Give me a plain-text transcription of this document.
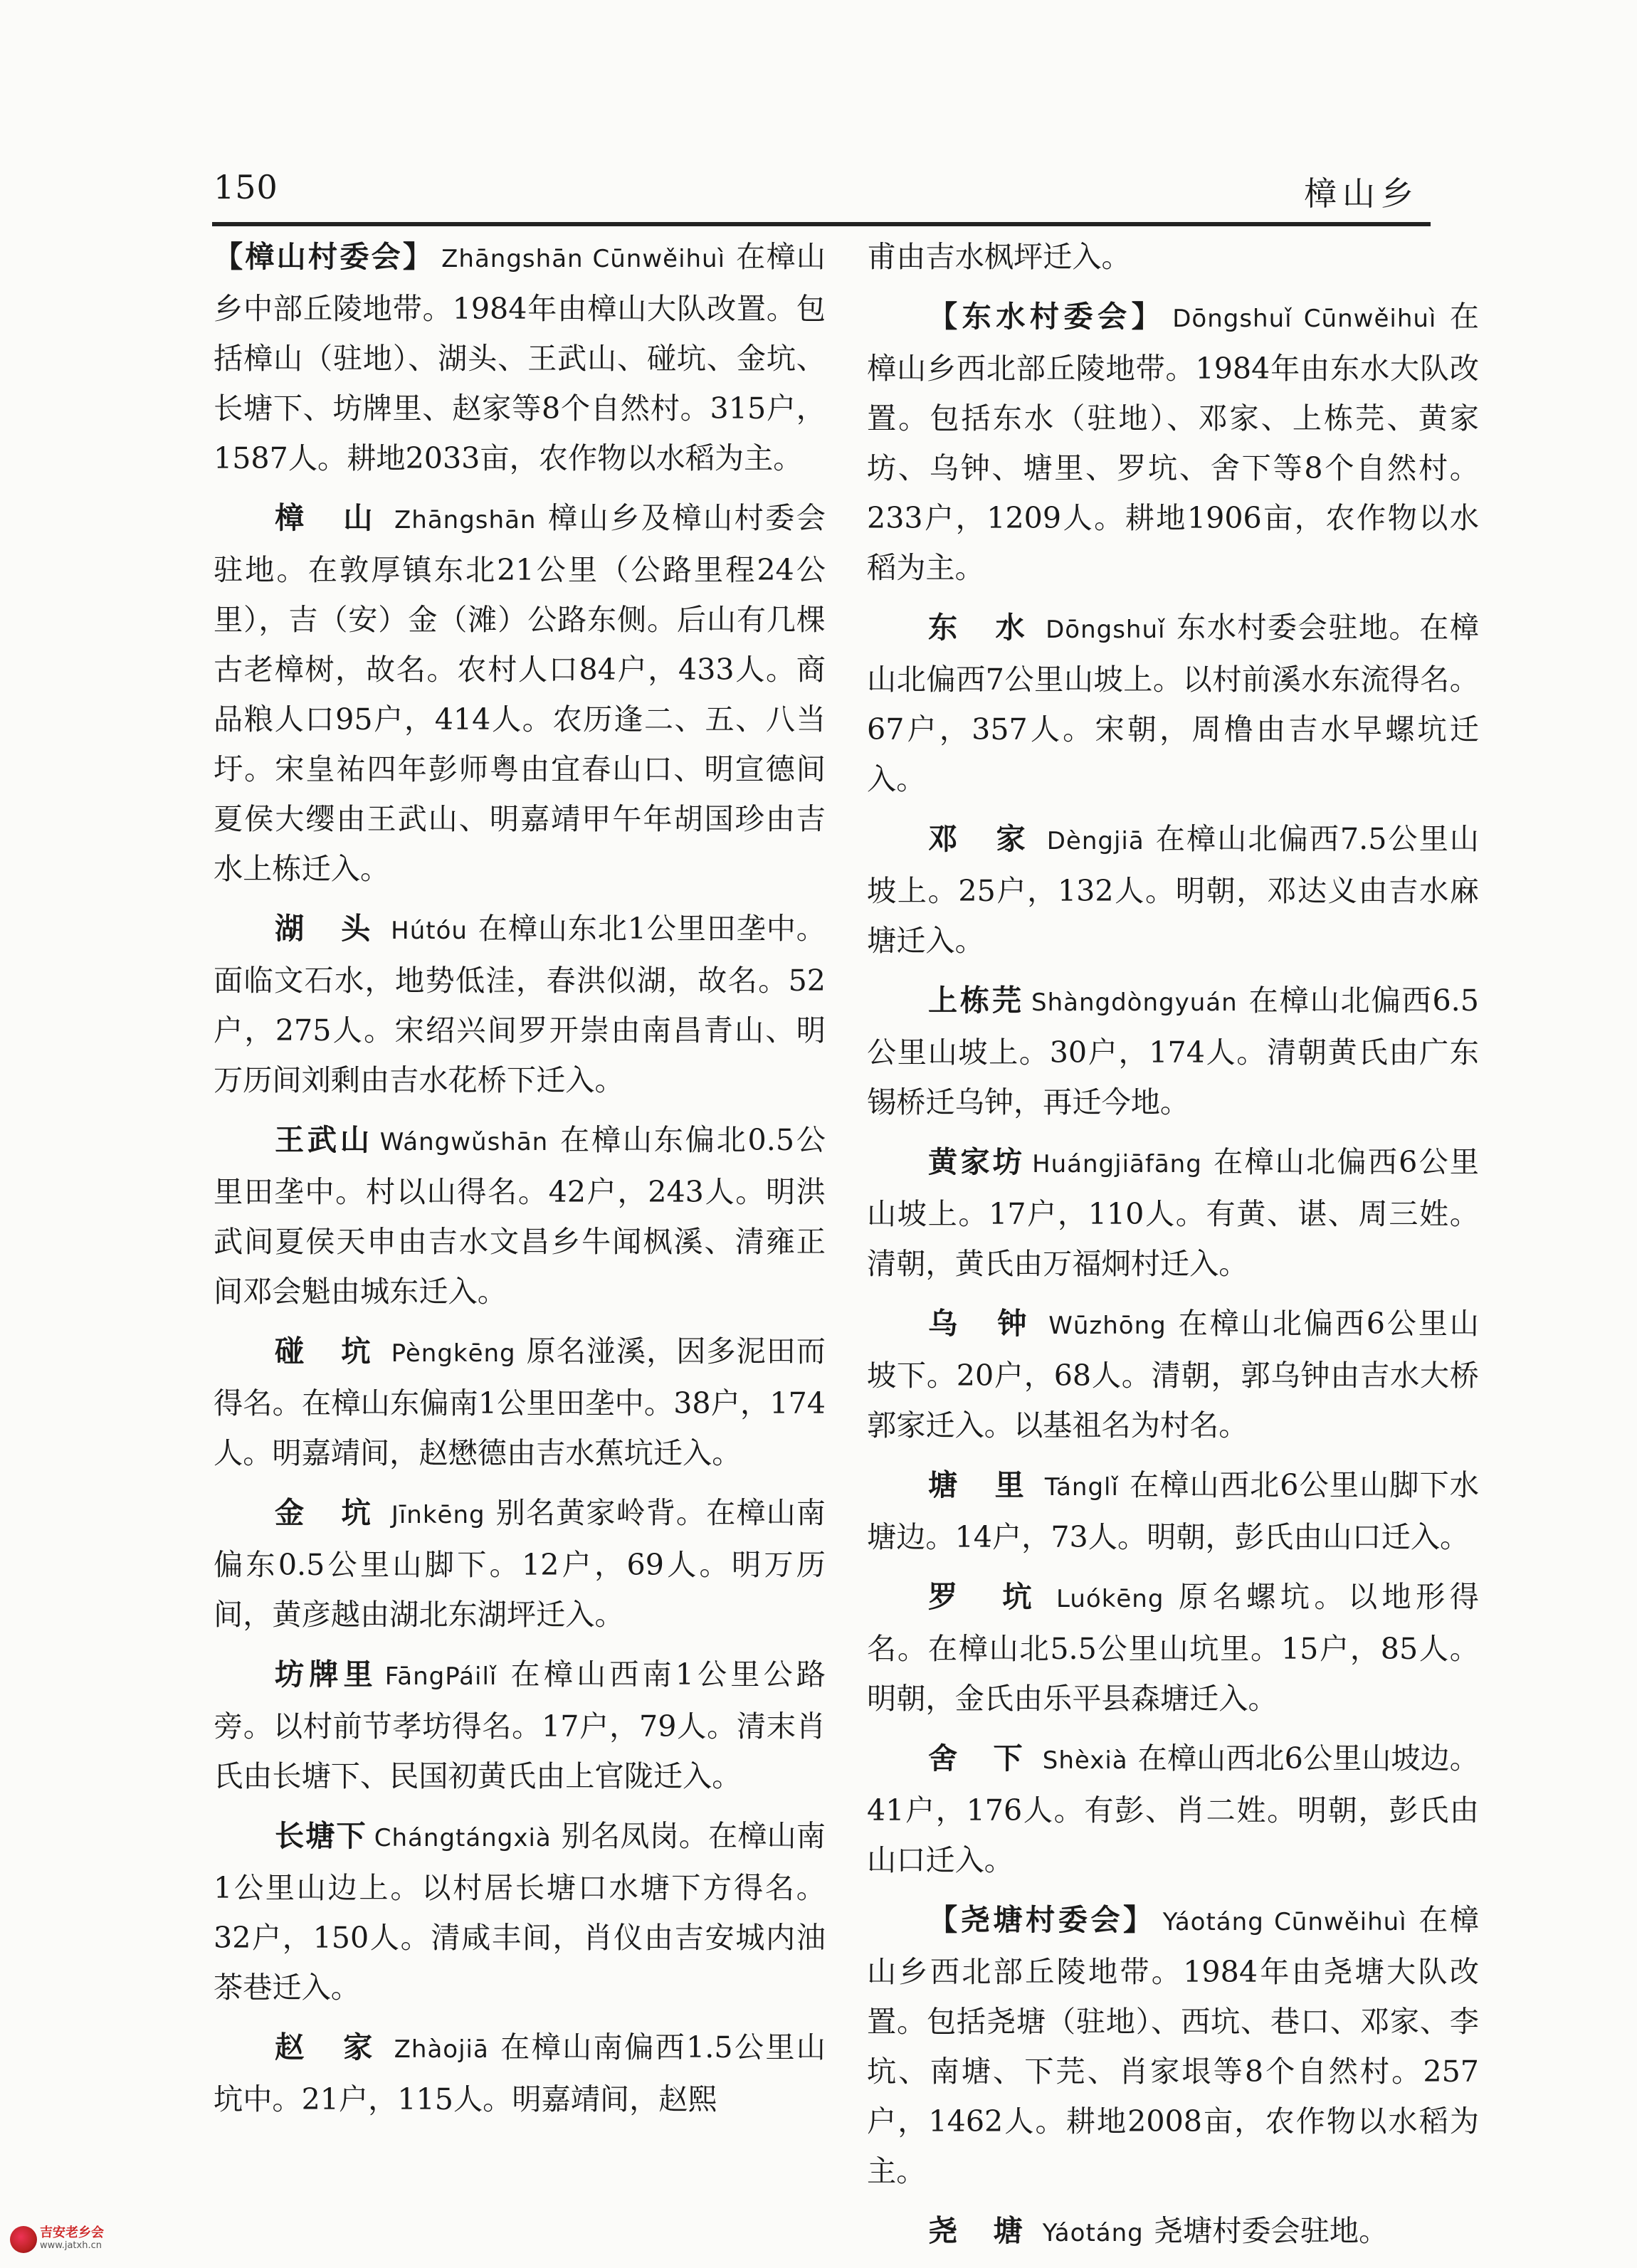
150	樟山乡

【樟山村委会】 Zhāngshān Cūnwěihuì 在樟山乡中部丘陵地带。1984年由樟山大队改置。包括樟山（驻地）、湖头、王武山、碰坑、金坑、长塘下、坊牌里、赵家等8个自然村。315户，1587人。耕地2033亩，农作物以水稻为主。

樟 山 Zhāngshān 樟山乡及樟山村委会驻地。在敦厚镇东北21公里（公路里程24公里），吉（安）金（滩）公路东侧。后山有几棵古老樟树，故名。农村人口84户，433人。商品粮人口95户，414人。农历逢二、五、八当圩。宋皇祐四年彭师粤由宜春山口、明宣德间夏侯大缨由王武山、明嘉靖甲午年胡国珍由吉水上栋迁入。

湖 头 Hútóu 在樟山东北1公里田垄中。面临文石水，地势低洼，春洪似湖，故名。52户，275人。宋绍兴间罗开崇由南昌青山、明万历间刘剩由吉水花桥下迁入。

王武山 Wángwǔshān 在樟山东偏北0.5公里田垄中。村以山得名。42户，243人。明洪武间夏侯天申由吉水文昌乡牛闻枫溪、清雍正间邓会魁由城东迁入。

碰 坑 Pèngkēng 原名湴溪，因多泥田而得名。在樟山东偏南1公里田垄中。38户，174人。明嘉靖间，赵懋德由吉水蕉坑迁入。

金 坑 Jīnkēng 别名黄家岭背。在樟山南偏东0.5公里山脚下。12户，69人。明万历间，黄彦越由湖北东湖坪迁入。

坊牌里 FāngPáilǐ 在樟山西南1公里公路旁。以村前节孝坊得名。17户，79人。清末肖氏由长塘下、民国初黄氏由上官陇迁入。

长塘下 Chángtángxià 别名凤岗。在樟山南1公里山边上。以村居长塘口水塘下方得名。32户，150人。清咸丰间，肖仪由吉安城内油茶巷迁入。

赵 家 Zhàojiā 在樟山南偏西1.5公里山坑中。21户，115人。明嘉靖间，赵熙

甫由吉水枫坪迁入。

【东水村委会】 Dōngshuǐ Cūnwěihuì 在樟山乡西北部丘陵地带。1984年由东水大队改置。包括东水（驻地）、邓家、上栋芫、黄家坊、乌钟、塘里、罗坑、舍下等8个自然村。233户，1209人。耕地1906亩，农作物以水稻为主。

东 水 Dōngshuǐ 东水村委会驻地。在樟山北偏西7公里山坡上。以村前溪水东流得名。67户，357人。宋朝，周橹由吉水早螺坑迁入。

邓 家 Dèngjiā 在樟山北偏西7.5公里山坡上。25户，132人。明朝，邓达义由吉水麻塘迁入。

上栋芫 Shàngdòngyuán 在樟山北偏西6.5公里山坡上。30户，174人。清朝黄氏由广东锡桥迁乌钟，再迁今地。

黄家坊 Huángjiāfāng 在樟山北偏西6公里山坡上。17户，110人。有黄、谌、周三姓。清朝，黄氏由万福炯村迁入。

乌 钟 Wūzhōng 在樟山北偏西6公里山坡下。20户，68人。清朝，郭乌钟由吉水大桥郭家迁入。以基祖名为村名。

塘 里 Tánglǐ 在樟山西北6公里山脚下水塘边。14户，73人。明朝，彭氏由山口迁入。

罗 坑 Luókēng 原名螺坑。以地形得名。在樟山北5.5公里山坑里。15户，85人。明朝，金氏由乐平县森塘迁入。

舍 下 Shèxià 在樟山西北6公里山坡边。41户，176人。有彭、肖二姓。明朝，彭氏由山口迁入。

【尧塘村委会】 Yáotáng Cūnwěihuì 在樟山乡西北部丘陵地带。1984年由尧塘大队改置。包括尧塘（驻地）、西坑、巷口、邓家、李坑、南塘、下芫、肖家垠等8个自然村。257户，1462人。耕地2008亩，农作物以水稻为主。

尧 塘 Yáotáng 尧塘村委会驻地。

吉安老乡会
www.jatxh.cn
